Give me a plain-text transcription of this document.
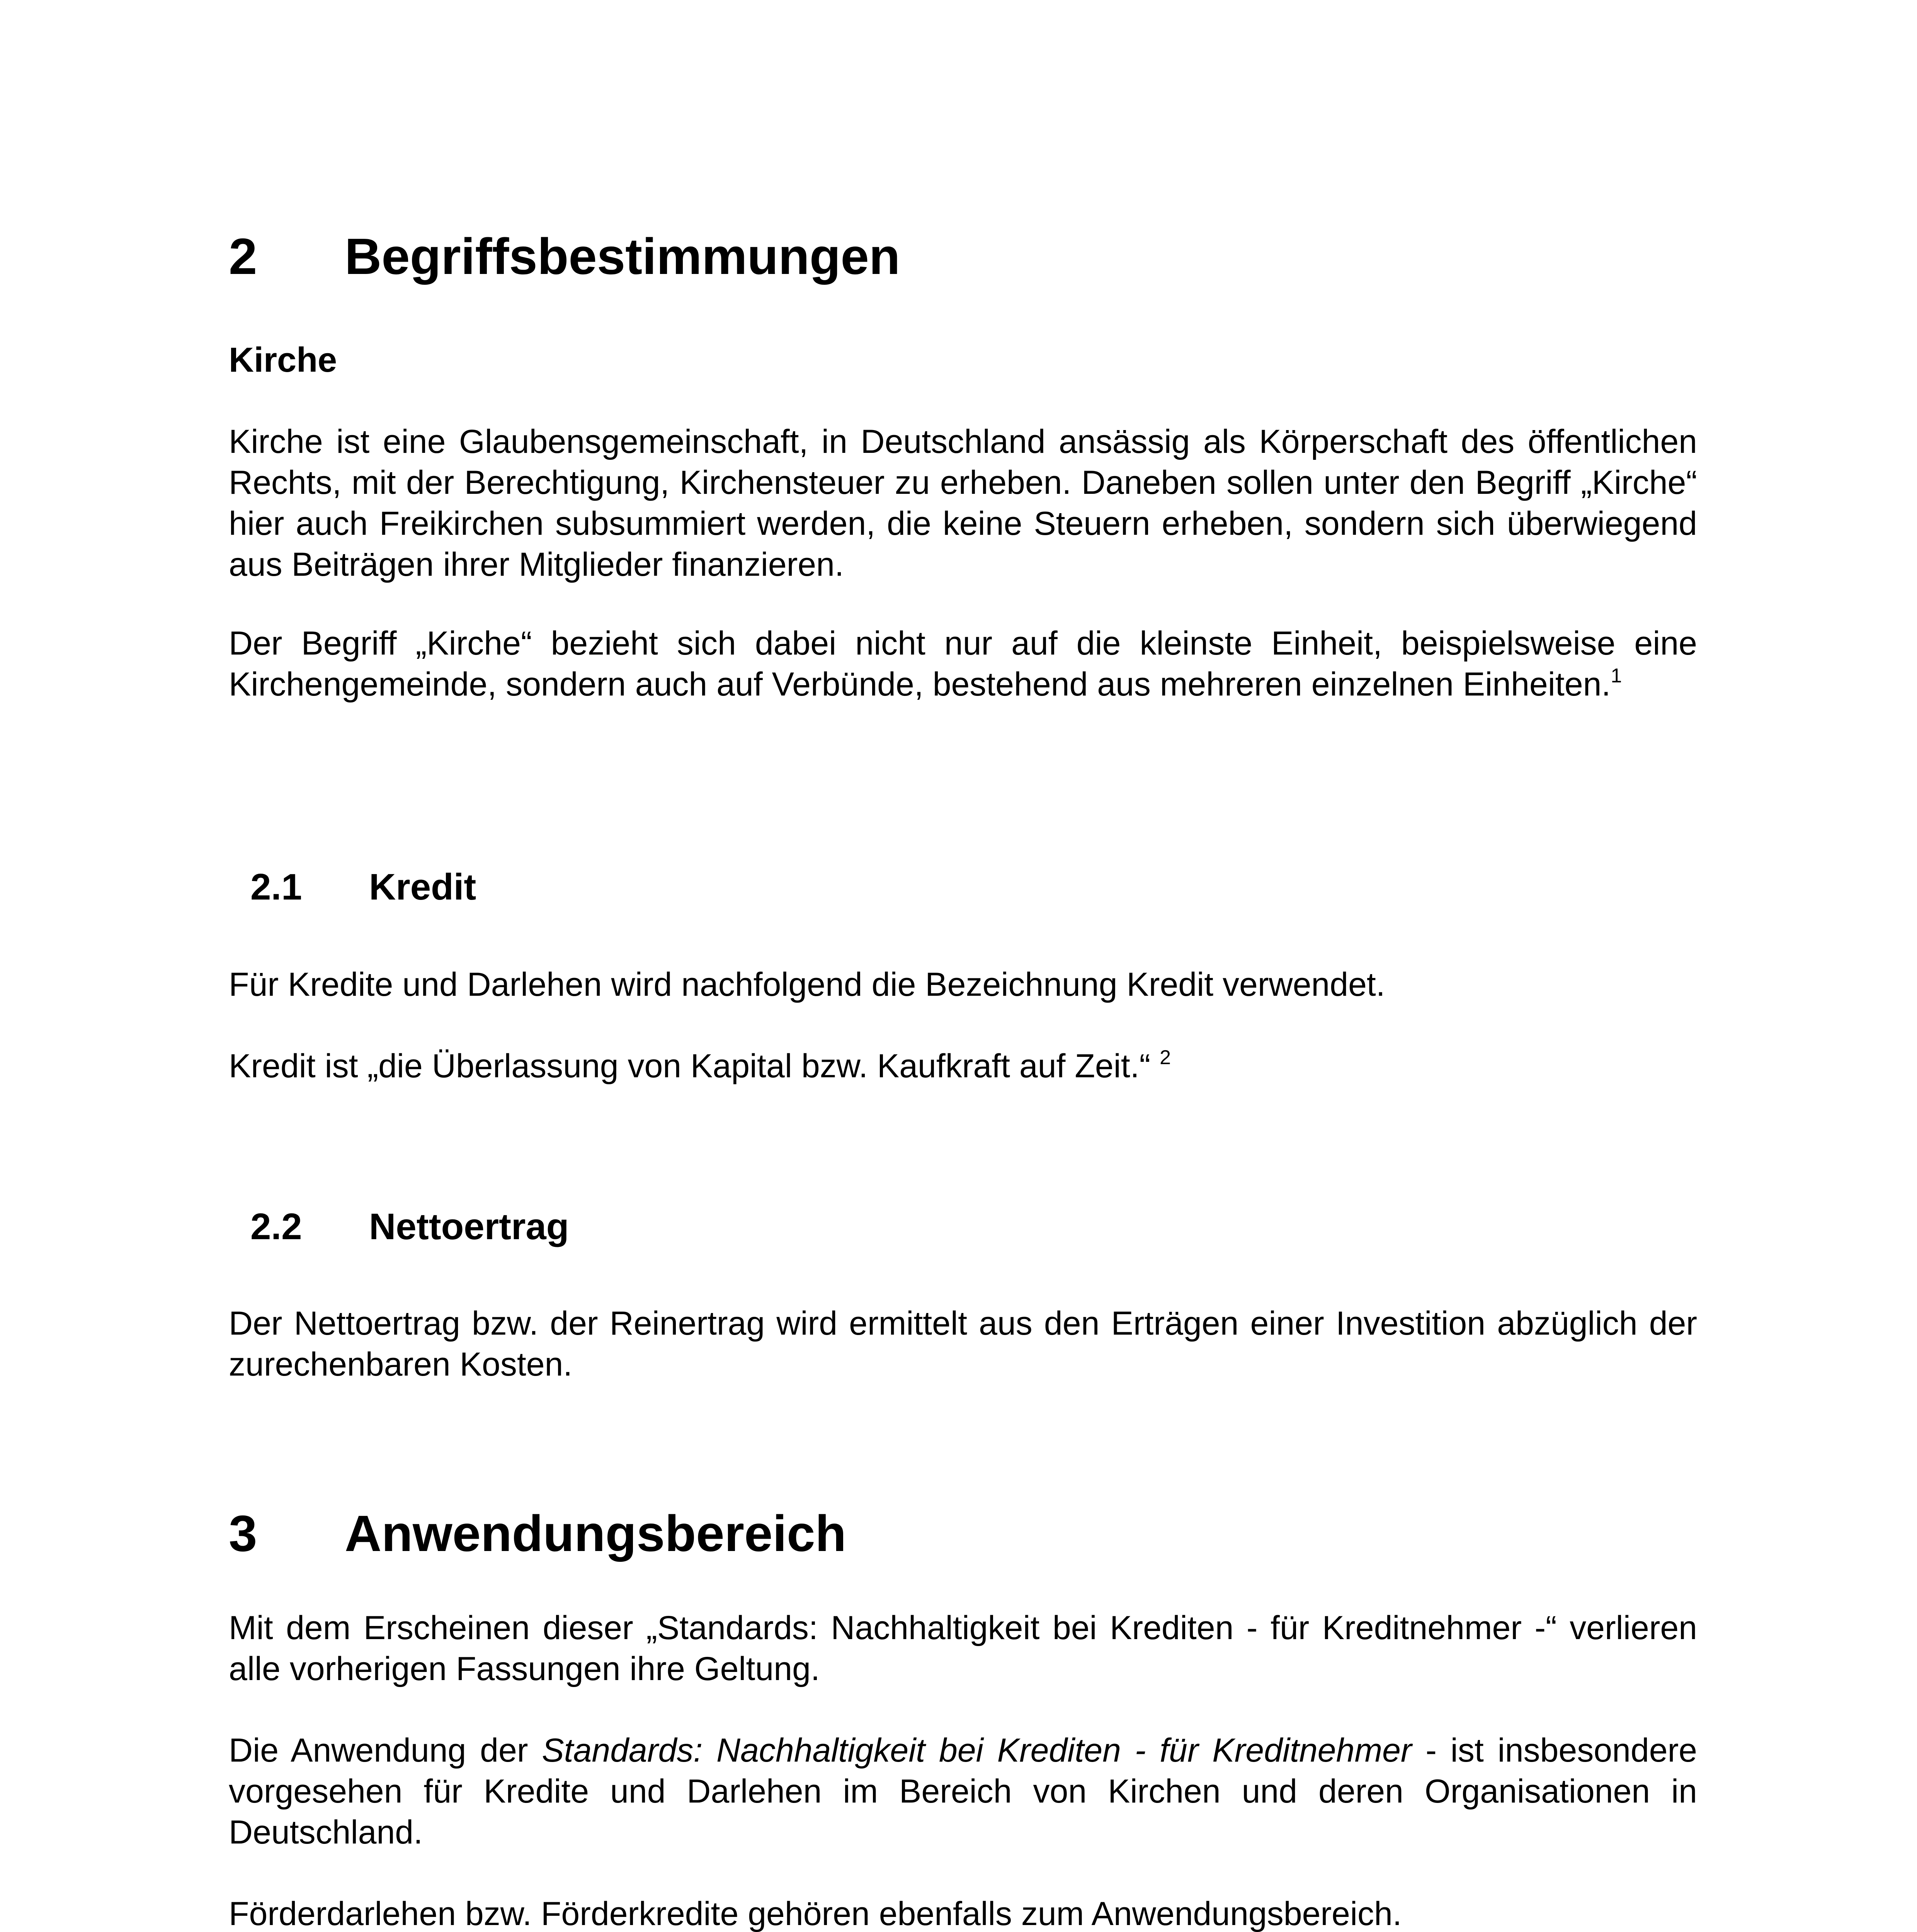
2 Begriffsbestimmungen
Kirche

Kirche ist eine Glaubensgemeinschaft, in Deutschland ansässig als Körperschaft des öffentlichen Rechts, mit der Berechtigung, Kirchensteuer zu erheben. Daneben sollen unter den Begriff „Kirche“ hier auch Freikirchen subsummiert werden, die keine Steuern erheben, sondern sich überwiegend aus Beiträgen ihrer Mitglieder finanzieren.

Der Begriff „Kirche“ bezieht sich dabei nicht nur auf die kleinste Einheit, beispielsweise eine Kirchengemeinde, sondern auch auf Verbünde, bestehend aus mehreren einzelnen Einheiten.$^1$

2.1 Kredit

Für Kredite und Darlehen wird nachfolgend die Bezeichnung Kredit verwendet.

Kredit ist „die Überlassung von Kapital bzw. Kaufkraft auf Zeit.“ $^2$

2.2 Nettoertrag

Der Nettoertrag bzw. der Reinertrag wird ermittelt aus den Erträgen einer Investition abzüglich der zurechenbaren Kosten.

3 Anwendungsbereich

Mit dem Erscheinen dieser „Standards: Nachhaltigkeit bei Krediten - für Kreditnehmer -“ verlieren alle vorherigen Fassungen ihre Geltung.

Die Anwendung der Standards: Nachhaltigkeit bei Krediten - für Kreditnehmer - ist insbesondere vorgesehen für Kredite und Darlehen im Bereich von Kirchen und deren Organisationen in Deutschland.

Förderdarlehen bzw. Förderkredite gehören ebenfalls zum Anwendungsbereich.
